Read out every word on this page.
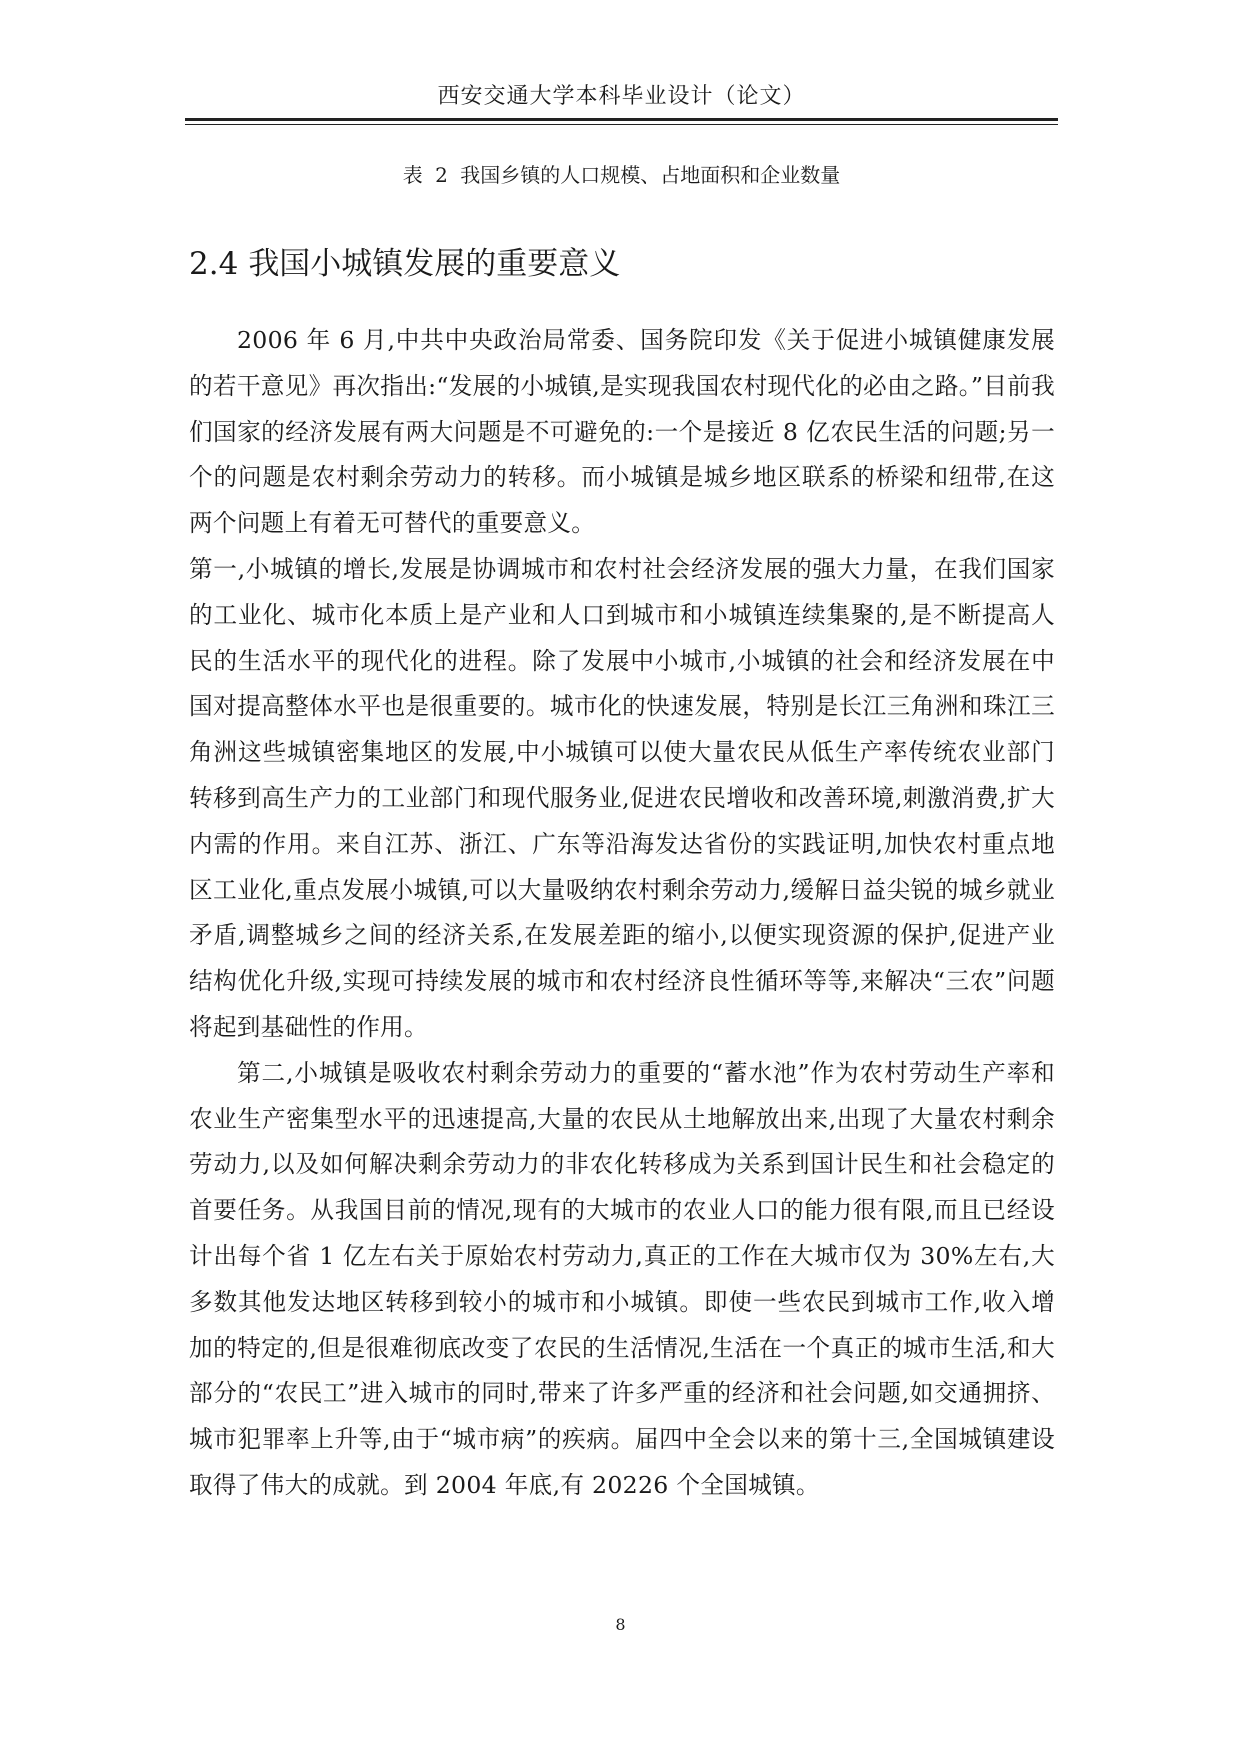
西安交通大学本科毕业设计（论文）
表 2 我国乡镇的人口规模、占地面积和企业数量
2.4 我国小城镇发展的重要意义

2006 年 6 月,中共中央政治局常委、国务院印发《关于促进小城镇健康发展的若干意见》再次指出:“发展的小城镇,是实现我国农村现代化的必由之路。”目前我们国家的经济发展有两大问题是不可避免的:一个是接近 8 亿农民生活的问题;另一个的问题是农村剩余劳动力的转移。而小城镇是城乡地区联系的桥梁和纽带,在这两个问题上有着无可替代的重要意义。

第一,小城镇的增长,发展是协调城市和农村社会经济发展的强大力量，在我们国家的工业化、城市化本质上是产业和人口到城市和小城镇连续集聚的,是不断提高人民的生活水平的现代化的进程。除了发展中小城市,小城镇的社会和经济发展在中国对提高整体水平也是很重要的。城市化的快速发展，特别是长江三角洲和珠江三角洲这些城镇密集地区的发展,中小城镇可以使大量农民从低生产率传统农业部门转移到高生产力的工业部门和现代服务业,促进农民增收和改善环境,刺激消费,扩大内需的作用。来自江苏、浙江、广东等沿海发达省份的实践证明,加快农村重点地区工业化,重点发展小城镇,可以大量吸纳农村剩余劳动力,缓解日益尖锐的城乡就业矛盾,调整城乡之间的经济关系,在发展差距的缩小,以便实现资源的保护,促进产业结构优化升级,实现可持续发展的城市和农村经济良性循环等等,来解决“三农”问题将起到基础性的作用。

第二,小城镇是吸收农村剩余劳动力的重要的“蓄水池”作为农村劳动生产率和农业生产密集型水平的迅速提高,大量的农民从土地解放出来,出现了大量农村剩余劳动力,以及如何解决剩余劳动力的非农化转移成为关系到国计民生和社会稳定的首要任务。从我国目前的情况,现有的大城市的农业人口的能力很有限,而且已经设计出每个省 1 亿左右关于原始农村劳动力,真正的工作在大城市仅为 30%左右,大多数其他发达地区转移到较小的城市和小城镇。即使一些农民到城市工作,收入增加的特定的,但是很难彻底改变了农民的生活情况,生活在一个真正的城市生活,和大部分的“农民工”进入城市的同时,带来了许多严重的经济和社会问题,如交通拥挤、城市犯罪率上升等,由于“城市病”的疾病。届四中全会以来的第十三,全国城镇建设取得了伟大的成就。到 2004 年底,有 20226 个全国城镇。

8
